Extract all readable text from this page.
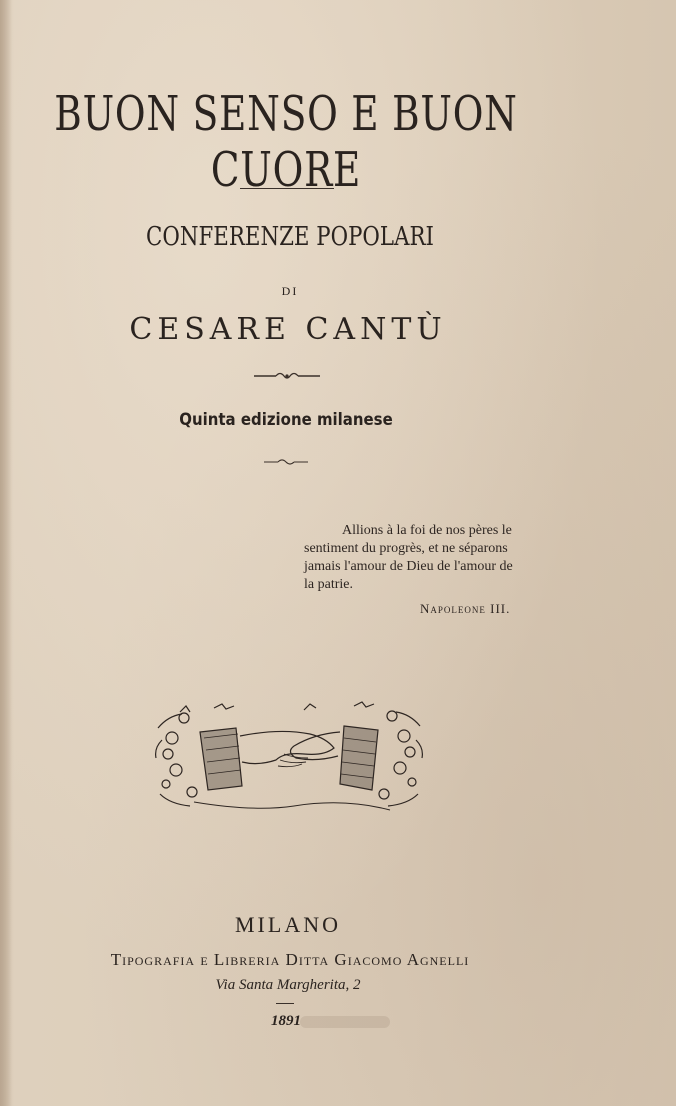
BUON SENSO E BUON CUORE
CONFERENZE POPOLARI
DI
CESARE CANTÙ
Quinta edizione milanese
Allions à la foi de nos pères le
sentiment du progrès, et ne séparons
jamais l'amour de Dieu de l'amour de
la patrie.
Napoleone III.
MILANO
Tipografia e Libreria Ditta Giacomo Agnelli
Via Santa Margherita, 2
1891
